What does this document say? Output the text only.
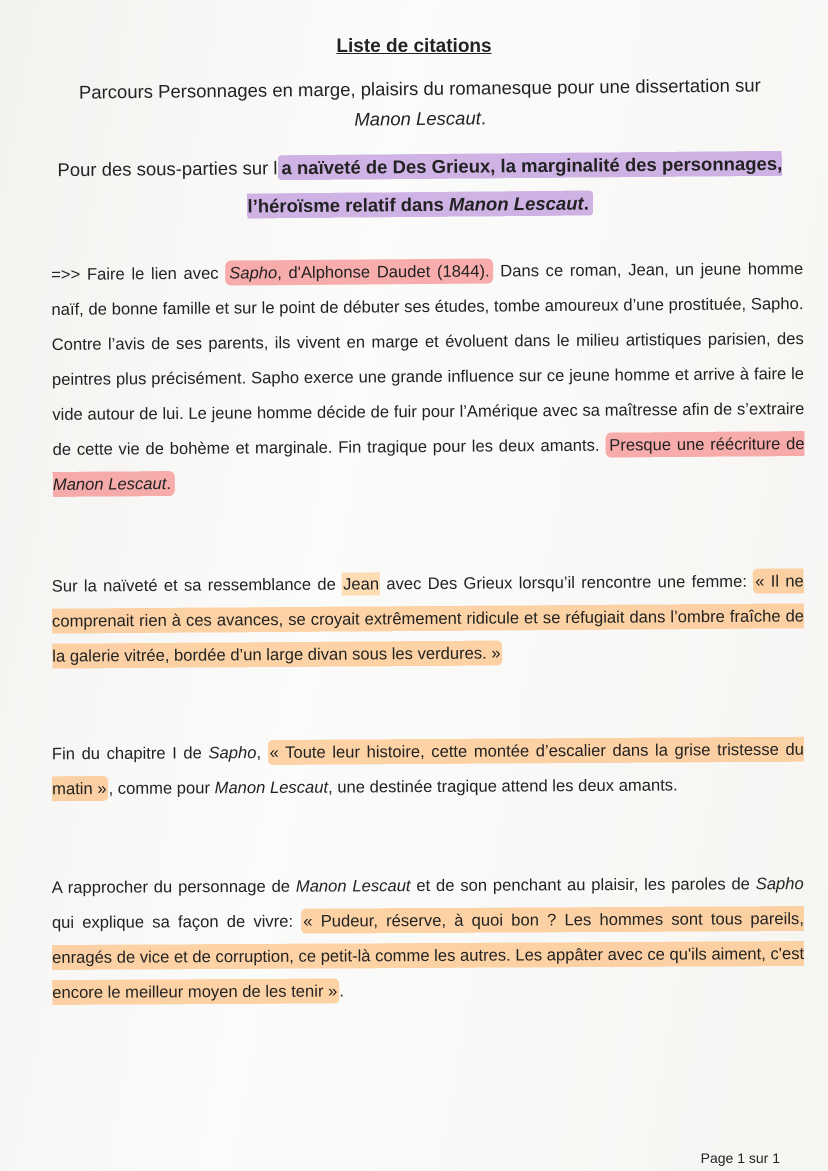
Liste de citations
Parcours Personnages en marge, plaisirs du romanesque pour une dissertation sur
Manon Lescaut.
Pour des sous-parties sur l a naïveté de Des Grieux, la marginalité des personnages, l’héroïsme relatif dans Manon Lescaut.
=>> Faire le lien avec Sapho, d'Alphonse Daudet (1844). Dans ce roman, Jean, un jeune homme naïf, de bonne famille et sur le point de débuter ses études, tombe amoureux d’une prostituée, Sapho. Contre l’avis de ses parents, ils vivent en marge et évoluent dans le milieu artistiques parisien, des peintres plus précisément. Sapho exerce une grande influence sur ce jeune homme et arrive à faire le vide autour de lui. Le jeune homme décide de fuir pour l’Amérique avec sa maîtresse afin de s’extraire de cette vie de bohème et marginale. Fin tragique pour les deux amants. Presque une réécriture de Manon Lescaut.
Sur la naïveté et sa ressemblance de Jean avec Des Grieux lorsqu’il rencontre une femme: « Il ne comprenait rien à ces avances, se croyait extrêmement ridicule et se réfugiait dans l’ombre fraîche de la galerie vitrée, bordée d’un large divan sous les verdures. »
Fin du chapitre I de Sapho, « Toute leur histoire, cette montée d’escalier dans la grise tristesse du matin » , comme pour Manon Lescaut, une destinée tragique attend les deux amants.
A rapprocher du personnage de Manon Lescaut et de son penchant au plaisir, les paroles de Sapho qui explique sa façon de vivre: « Pudeur, réserve, à quoi bon ? Les hommes sont tous pareils, enragés de vice et de corruption, ce petit-là comme les autres. Les appâter avec ce qu'ils aiment, c'est encore le meilleur moyen de les tenir » .
Page 1 sur 1
